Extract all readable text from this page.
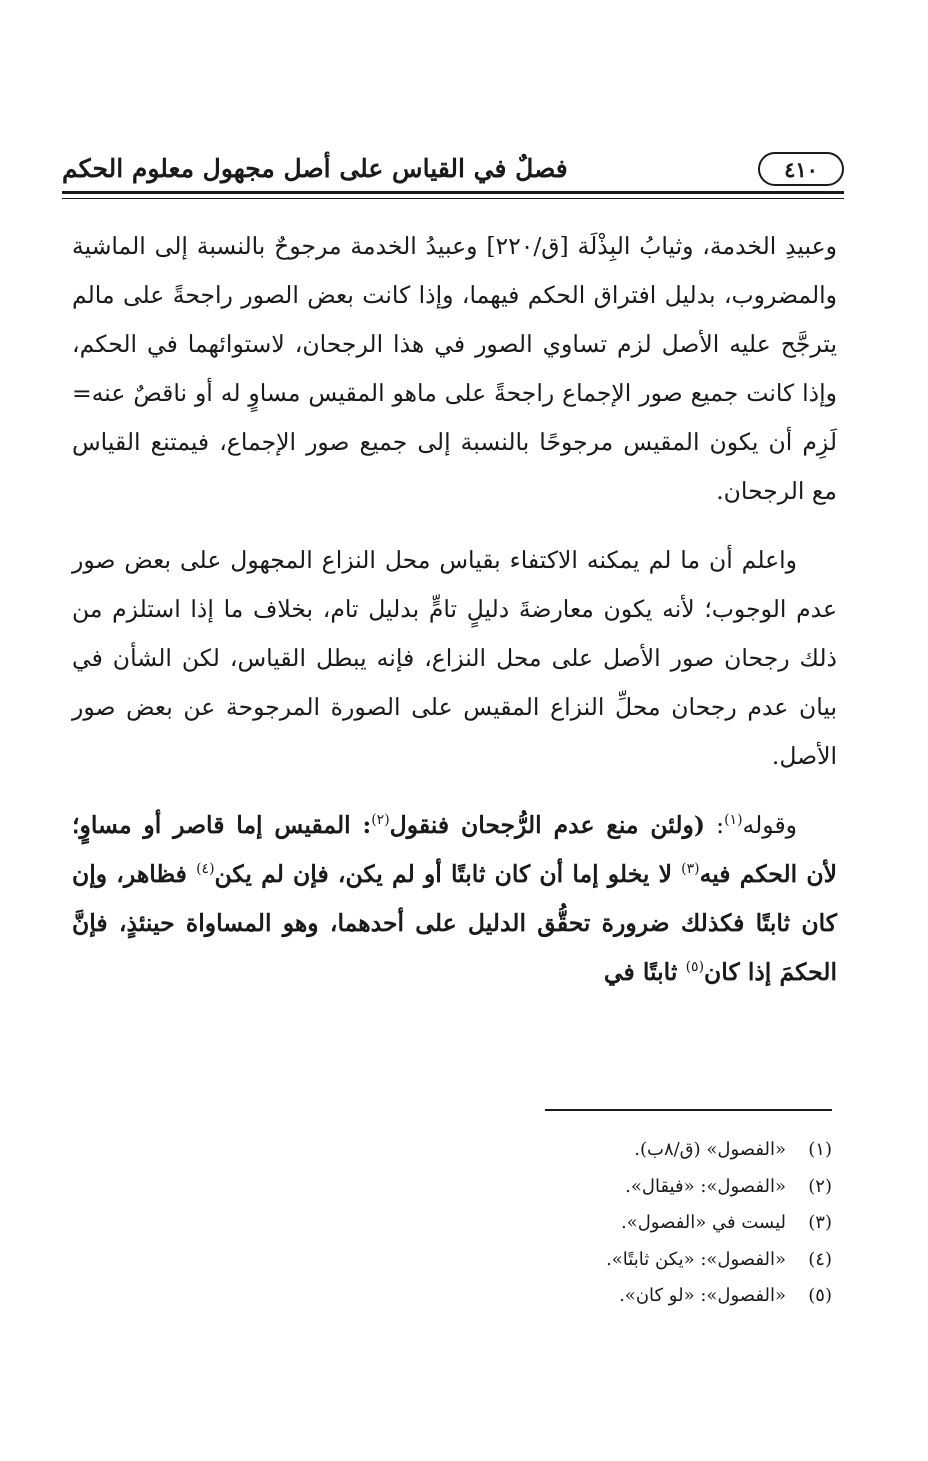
٤١٠
فصلٌ في القياس على أصل مجهول معلوم الحكم

وعبيدِ الخدمة، وثيابُ البِذْلَة [ق/٢٢٠] وعبيدُ الخدمة مرجوحٌ بالنسبة إلى الماشية والمضروب، بدليل افتراق الحكم فيهما، وإذا كانت بعض الصور راجحةً على مالم يترجَّح عليه الأصل لزم تساوي الصور في هذا الرجحان، لاستوائهما في الحكم، وإذا كانت جميع صور الإجماع راجحةً على ماهو المقيس مساوٍ له أو ناقصٌ عنه= لَزِم أن يكون المقيس مرجوحًا بالنسبة إلى جميع صور الإجماع، فيمتنع القياس مع الرجحان.

واعلم أن ما لم يمكنه الاكتفاء بقياس محل النزاع المجهول على بعض صور عدم الوجوب؛ لأنه يكون معارضةَ دليلٍ تامٍّ بدليل تام، بخلاف ما إذا استلزم من ذلك رجحان صور الأصل على محل النزاع، فإنه يبطل القياس، لكن الشأن في بيان عدم رجحان محلِّ النزاع المقيس على الصورة المرجوحة عن بعض صور الأصل.

وقوله$^{(١)}$: (ولئن منع عدم الرُّجحان فنقول$^{(٢)}$: المقيس إما قاصر أو مساوٍ؛ لأن الحكم فيه$^{(٣)}$ لا يخلو إما أن كان ثابتًا أو لم يكن، فإن لم يكن$^{(٤)}$ فظاهر، وإن كان ثابتًا فكذلك ضرورة تحقُّق الدليل على أحدهما، وهو المساواة حينئذٍ، فإنَّ الحكمَ إذا كان$^{(٥)}$ ثابتًا في

(١)«الفصول» (ق/٨ب).
(٢)«الفصول»: «فيقال».
(٣)ليست في «الفصول».
(٤)«الفصول»: «يكن ثابتًا».
(٥)«الفصول»: «لو كان».
